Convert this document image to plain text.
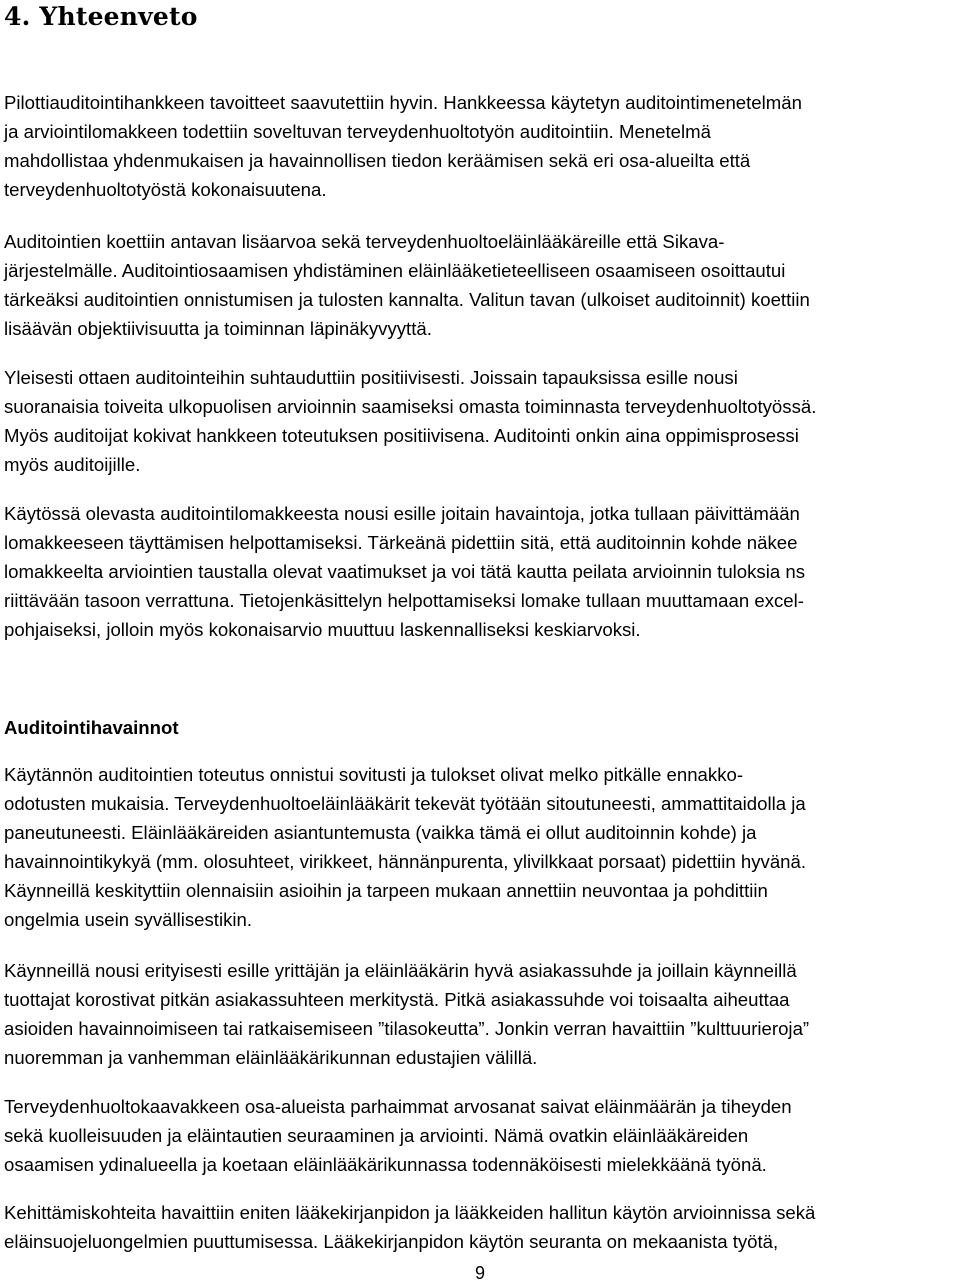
4. Yhteenveto

Pilottiauditointihankkeen tavoitteet saavutettiin hyvin. Hankkeessa käytetyn auditointimenetelmän
ja arviointilomakkeen todettiin soveltuvan terveydenhuoltotyön auditointiin. Menetelmä
mahdollistaa yhdenmukaisen ja havainnollisen tiedon keräämisen sekä eri osa-alueilta että
terveydenhuoltotyöstä kokonaisuutena.

Auditointien koettiin antavan lisäarvoa sekä terveydenhuoltoeläinlääkäreille että Sikava-
järjestelmälle. Auditointiosaamisen yhdistäminen eläinlääketieteelliseen osaamiseen osoittautui
tärkeäksi auditointien onnistumisen ja tulosten kannalta. Valitun tavan (ulkoiset auditoinnit) koettiin
lisäävän objektiivisuutta ja toiminnan läpinäkyvyyttä.

Yleisesti ottaen auditointeihin suhtauduttiin positiivisesti. Joissain tapauksissa esille nousi
suoranaisia toiveita ulkopuolisen arvioinnin saamiseksi omasta toiminnasta terveydenhuoltotyössä.
Myös auditoijat kokivat hankkeen toteutuksen positiivisena. Auditointi onkin aina oppimisprosessi
myös auditoijille.

Käytössä olevasta auditointilomakkeesta nousi esille joitain havaintoja, jotka tullaan päivittämään
lomakkeeseen täyttämisen helpottamiseksi. Tärkeänä pidettiin sitä, että auditoinnin kohde näkee
lomakkeelta arviointien taustalla olevat vaatimukset ja voi tätä kautta peilata arvioinnin tuloksia ns
riittävään tasoon verrattuna. Tietojenkäsittelyn helpottamiseksi lomake tullaan muuttamaan excel-
pohjaiseksi, jolloin myös kokonaisarvio muuttuu laskennalliseksi keskiarvoksi.

Auditointihavainnot

Käytännön auditointien toteutus onnistui sovitusti ja tulokset olivat melko pitkälle ennakko-
odotusten mukaisia. Terveydenhuoltoeläinlääkärit tekevät työtään sitoutuneesti, ammattitaidolla ja
paneutuneesti. Eläinlääkäreiden asiantuntemusta (vaikka tämä ei ollut auditoinnin kohde) ja
havainnointikykyä (mm. olosuhteet, virikkeet, hännänpurenta, ylivilkkaat porsaat) pidettiin hyvänä.
Käynneillä keskityttiin olennaisiin asioihin ja tarpeen mukaan annettiin neuvontaa ja pohdittiin
ongelmia usein syvällisestikin.

Käynneillä nousi erityisesti esille yrittäjän ja eläinlääkärin hyvä asiakassuhde ja joillain käynneillä
tuottajat korostivat pitkän asiakassuhteen merkitystä. Pitkä asiakassuhde voi toisaalta aiheuttaa
asioiden havainnoimiseen tai ratkaisemiseen ”tilasokeutta”. Jonkin verran havaittiin ”kulttuurieroja”
nuoremman ja vanhemman eläinlääkärikunnan edustajien välillä.

Terveydenhuoltokaavakkeen osa-alueista parhaimmat arvosanat saivat eläinmäärän ja tiheyden
sekä kuolleisuuden ja eläintautien seuraaminen ja arviointi. Nämä ovatkin eläinlääkäreiden
osaamisen ydinalueella ja koetaan eläinlääkärikunnassa todennäköisesti mielekkäänä työnä.

Kehittämiskohteita havaittiin eniten lääkekirjanpidon ja lääkkeiden hallitun käytön arvioinnissa sekä
eläinsuojeluongelmien puuttumisessa. Lääkekirjanpidon käytön seuranta on mekaanista työtä,

9
